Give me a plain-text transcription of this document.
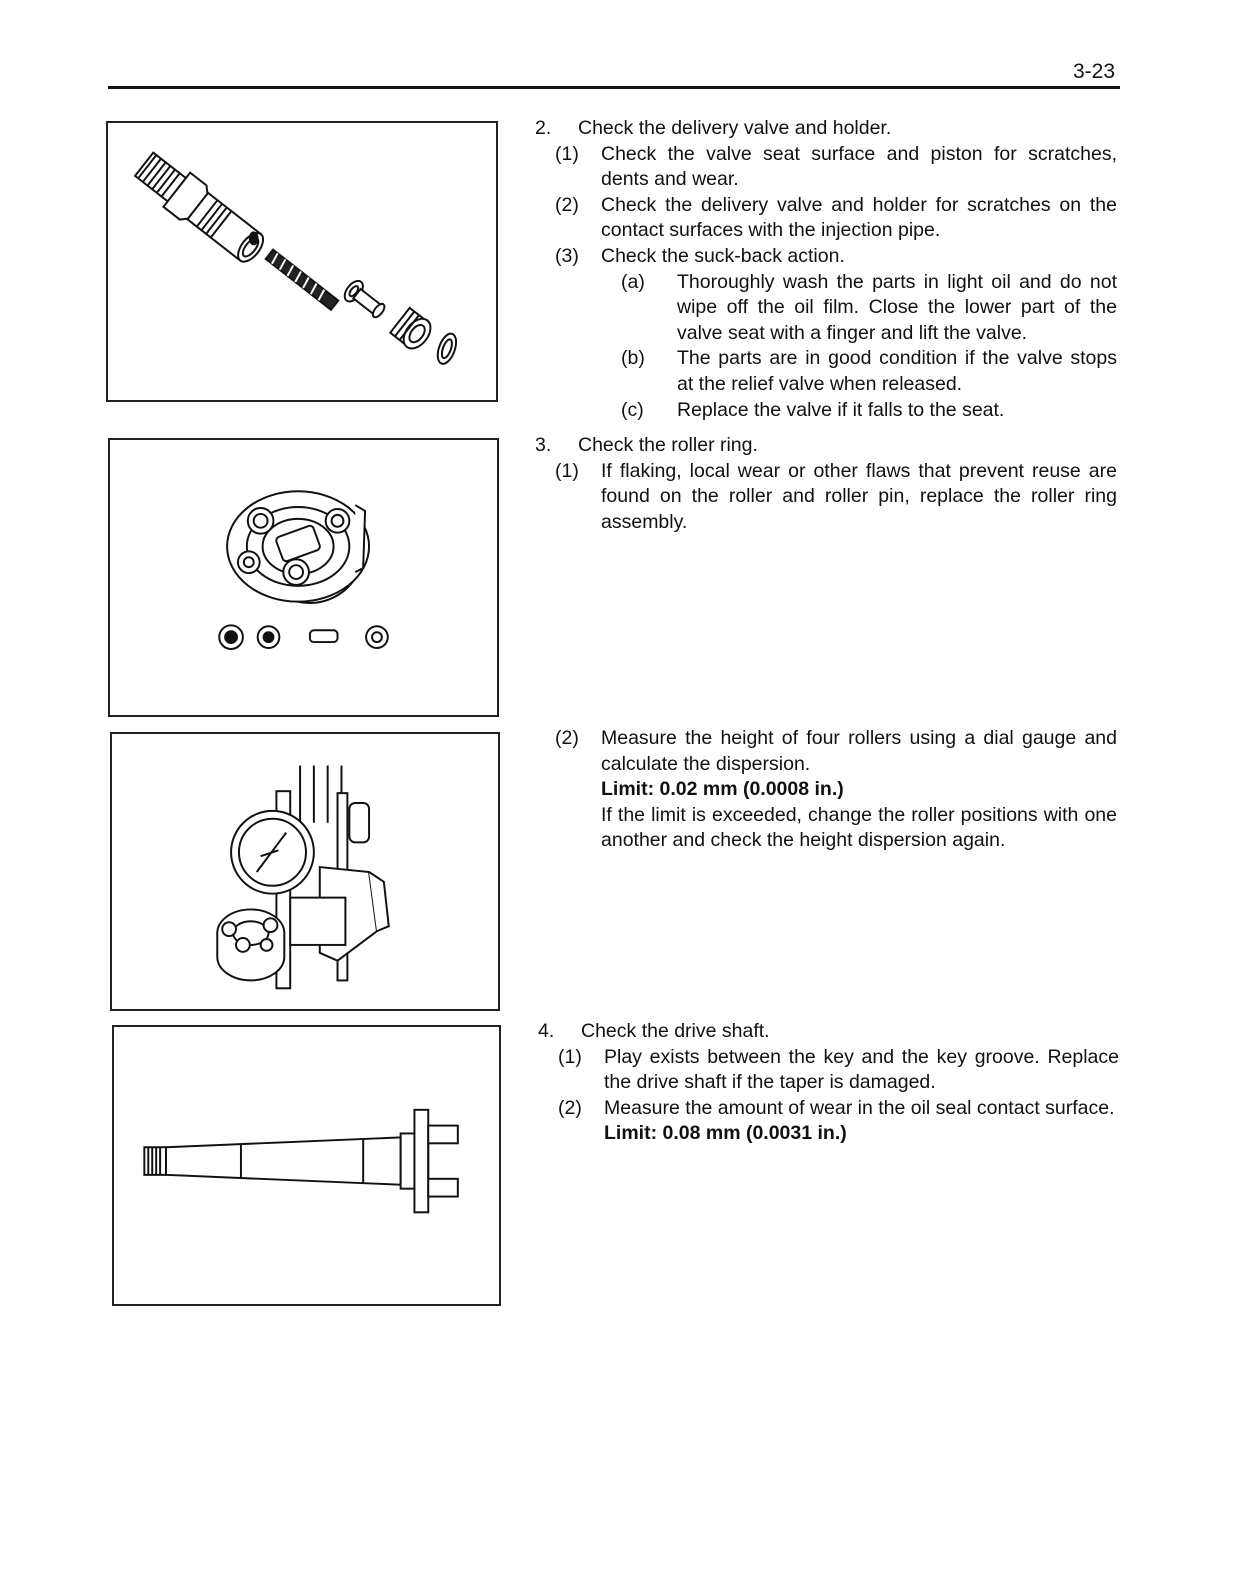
3-23
2.	Check the delivery valve and holder.
(1)	Check the valve seat surface and piston for scratches, dents and wear.
(2)	Check the delivery valve and holder for scratches on the contact surfaces with the injection pipe.
(3)	Check the suck-back action.
(a)	Thoroughly wash the parts in light oil and do not wipe off the oil film. Close the lower part of the valve seat with a finger and lift the valve.
(b)	The parts are in good condition if the valve stops at the relief valve when released.
(c)	Replace the valve if it falls to the seat.
3.	Check the roller ring.
(1)	If flaking, local wear or other flaws that prevent reuse are found on the roller and roller pin, replace the roller ring assembly.
(2)	Measure the height of four rollers using a dial gauge and calculate the dispersion.
Limit: 0.02 mm (0.0008 in.)
If the limit is exceeded, change the roller positions with one another and check the height dispersion again.
4.	Check the drive shaft.
(1)	Play exists between the key and the key groove. Replace the drive shaft if the taper is damaged.
(2)	Measure the amount of wear in the oil seal contact surface.
Limit: 0.08 mm (0.0031 in.)
